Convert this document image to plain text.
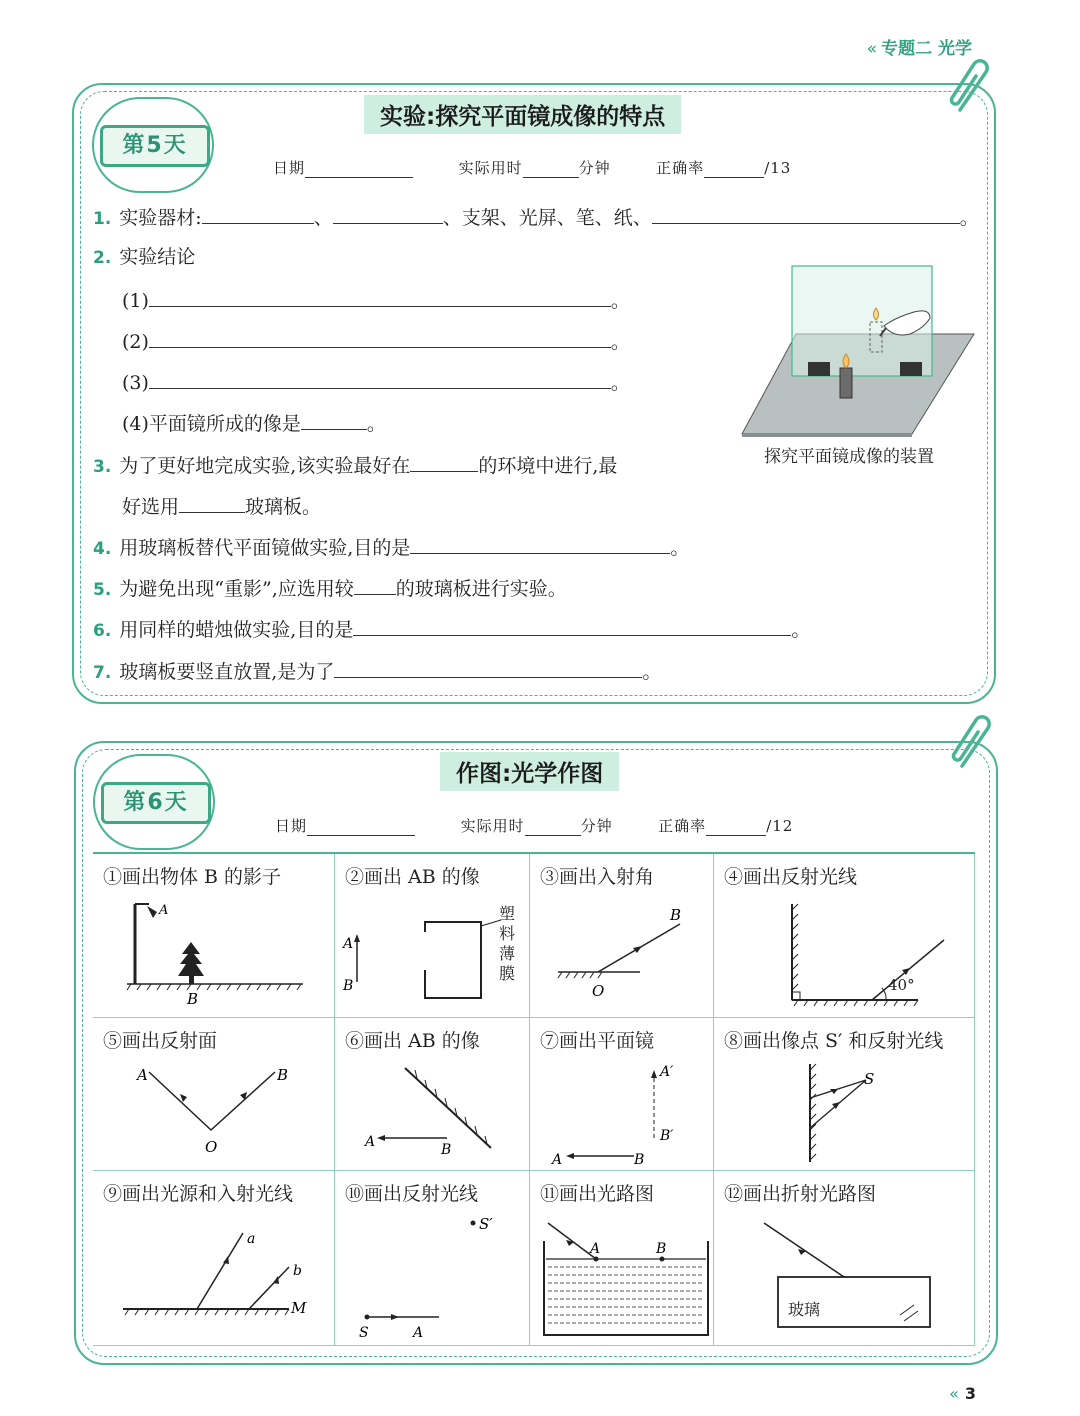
« 专题二 光学
第5天
实验:探究平面镜成像的特点
日期	实际用时	分钟	正确率	/13
1. 实验器材:	、	、支架、光屏、笔、纸、	。
2. 实验结论
(1)	。
(2)	。
(3)	。
(4)平面镜所成的像是	。
3. 为了更好地完成实验,该实验最好在	的环境中进行,最
好选用	玻璃板。
4. 用玻璃板替代平面镜做实验,目的是	。
5. 为避免出现“重影”,应选用较 的玻璃板进行实验。
6. 用同样的蜡烛做实验,目的是	。
7. 玻璃板要竖直放置,是为了	。
探究平面镜成像的装置
第6天
作图:光学作图
日期	实际用时	分钟	正确率	/12
①画出物体 B 的影子
A
B
②画出 AB 的像
A
B
塑料薄膜
③画出入射角
B
O
④画出反射光线
40°
⑤画出反射面
A	B
O
⑥画出 AB 的像
A	B
⑦画出平面镜
A′
B′
A	B
⑧画出像点 S′ 和反射光线
S
⑨画出光源和入射光线
a
b
M
⑩画出反射光线
S′
S	A
⑪画出光路图
A	B
⑫画出折射光路图
玻璃
« 3
